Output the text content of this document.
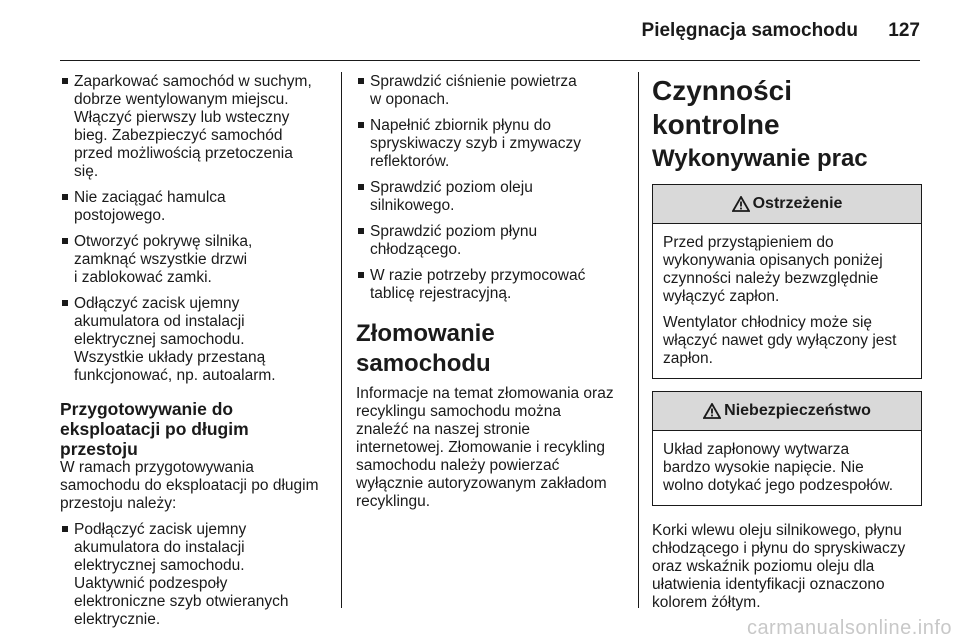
Pielęgnacja samochodu 127
Zaparkować samochód w suchym,
dobrze wentylowanym miejscu.
Włączyć pierwszy lub wsteczny
bieg. Zabezpieczyć samochód
przed możliwością przetoczenia
się.
Nie zaciągać hamulca
postojowego.
Otworzyć pokrywę silnika,
zamknąć wszystkie drzwi
i zablokować zamki.
Odłączyć zacisk ujemny
akumulatora od instalacji
elektrycznej samochodu.
Wszystkie układy przestaną
funkcjonować, np. autoalarm.
Przygotowywanie do
eksploatacji po długim przestoju
W ramach przygotowywania
samochodu do eksploatacji po długim
przestoju należy:
Podłączyć zacisk ujemny
akumulatora do instalacji
elektrycznej samochodu.
Uaktywnić podzespoły
elektroniczne szyb otwieranych
elektrycznie.
Sprawdzić ciśnienie powietrza
w oponach.
Napełnić zbiornik płynu do
spryskiwaczy szyb i zmywaczy
reflektorów.
Sprawdzić poziom oleju
silnikowego.
Sprawdzić poziom płynu
chłodzącego.
W razie potrzeby przymocować
tablicę rejestracyjną.
Złomowanie samochodu
Informacje na temat złomowania oraz
recyklingu samochodu można
znaleźć na naszej stronie
internetowej. Złomowanie i recykling
samochodu należy powierzać
wyłącznie autoryzowanym zakładom
recyklingu.
Czynności kontrolne
Wykonywanie prac
Ostrzeżenie
Przed przystąpieniem do
wykonywania opisanych poniżej
czynności należy bezwzględnie
wyłączyć zapłon.
Wentylator chłodnicy może się
włączyć nawet gdy wyłączony jest
zapłon.
Niebezpieczeństwo
Układ zapłonowy wytwarza
bardzo wysokie napięcie. Nie
wolno dotykać jego podzespołów.
Korki wlewu oleju silnikowego, płynu
chłodzącego i płynu do spryskiwaczy
oraz wskaźnik poziomu oleju dla
ułatwienia identyfikacji oznaczono
kolorem żółtym.
carmanualsonline.info
